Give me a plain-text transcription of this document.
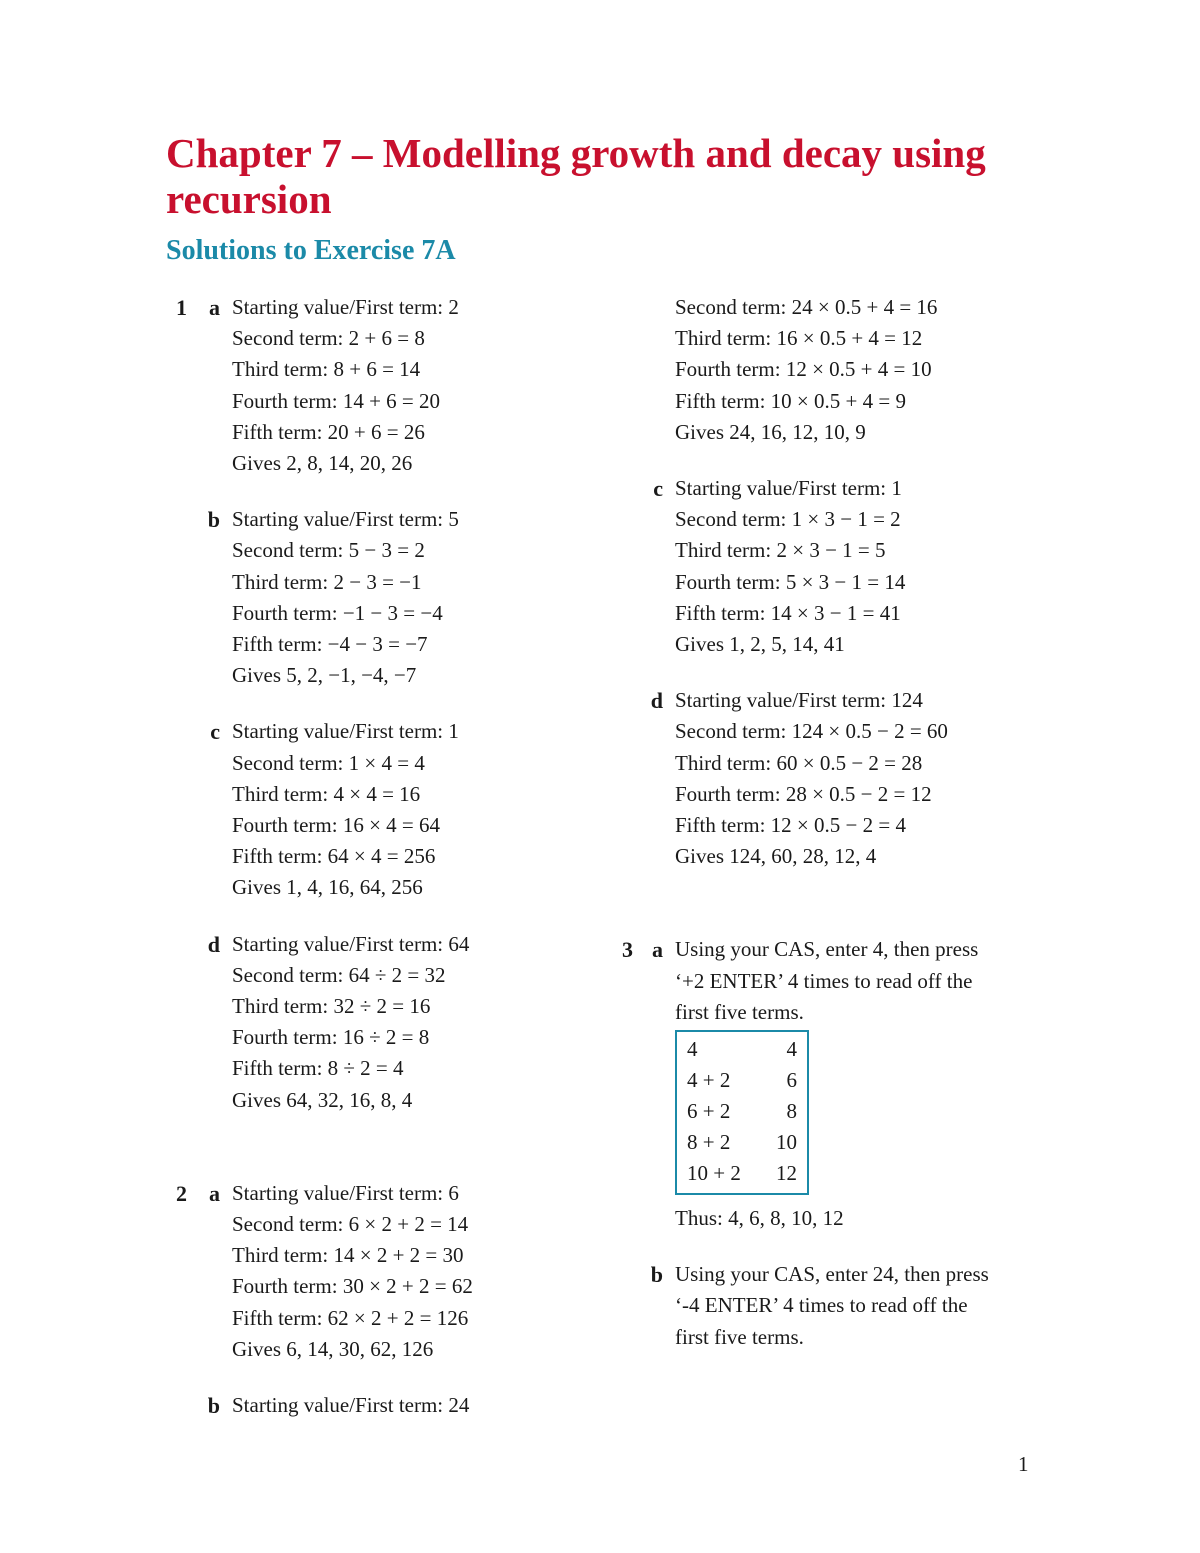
Chapter 7 – Modelling growth and decay using recursion
Solutions to Exercise 7A
1	a Starting value/First term: 2
Second term: 2 + 6 = 8
Third term: 8 + 6 = 14
Fourth term: 14 + 6 = 20
Fifth term: 20 + 6 = 26
Gives 2, 8, 14, 20, 26
b Starting value/First term: 5
Second term: 5 − 3 = 2
Third term: 2 − 3 = −1
Fourth term: −1 − 3 = −4
Fifth term: −4 − 3 = −7
Gives 5, 2, −1, −4, −7
c Starting value/First term: 1
Second term: 1 × 4 = 4
Third term: 4 × 4 = 16
Fourth term: 16 × 4 = 64
Fifth term: 64 × 4 = 256
Gives 1, 4, 16, 64, 256
d Starting value/First term: 64
Second term: 64 ÷ 2 = 32
Third term: 32 ÷ 2 = 16
Fourth term: 16 ÷ 2 = 8
Fifth term: 8 ÷ 2 = 4
Gives 64, 32, 16, 8, 4
2	a Starting value/First term: 6
Second term: 6 × 2 + 2 = 14
Third term: 14 × 2 + 2 = 30
Fourth term: 30 × 2 + 2 = 62
Fifth term: 62 × 2 + 2 = 126
Gives 6, 14, 30, 62, 126
b Starting value/First term: 24
Second term: 24 × 0.5 + 4 = 16
Third term: 16 × 0.5 + 4 = 12
Fourth term: 12 × 0.5 + 4 = 10
Fifth term: 10 × 0.5 + 4 = 9
Gives 24, 16, 12, 10, 9
c Starting value/First term: 1
Second term: 1 × 3 − 1 = 2
Third term: 2 × 3 − 1 = 5
Fourth term: 5 × 3 − 1 = 14
Fifth term: 14 × 3 − 1 = 41
Gives 1, 2, 5, 14, 41
d Starting value/First term: 124
Second term: 124 × 0.5 − 2 = 60
Third term: 60 × 0.5 − 2 = 28
Fourth term: 28 × 0.5 − 2 = 12
Fifth term: 12 × 0.5 − 2 = 4
Gives 124, 60, 28, 12, 4
3 a Using your CAS, enter 4, then press
‘+2 ENTER’ 4 times to read off the
first five terms.
4	4
4 + 2	6
6 + 2	8
8 + 2	10
10 + 2	12
Thus: 4, 6, 8, 10, 12
b Using your CAS, enter 24, then press
‘-4 ENTER’ 4 times to read off the
first five terms.
1
